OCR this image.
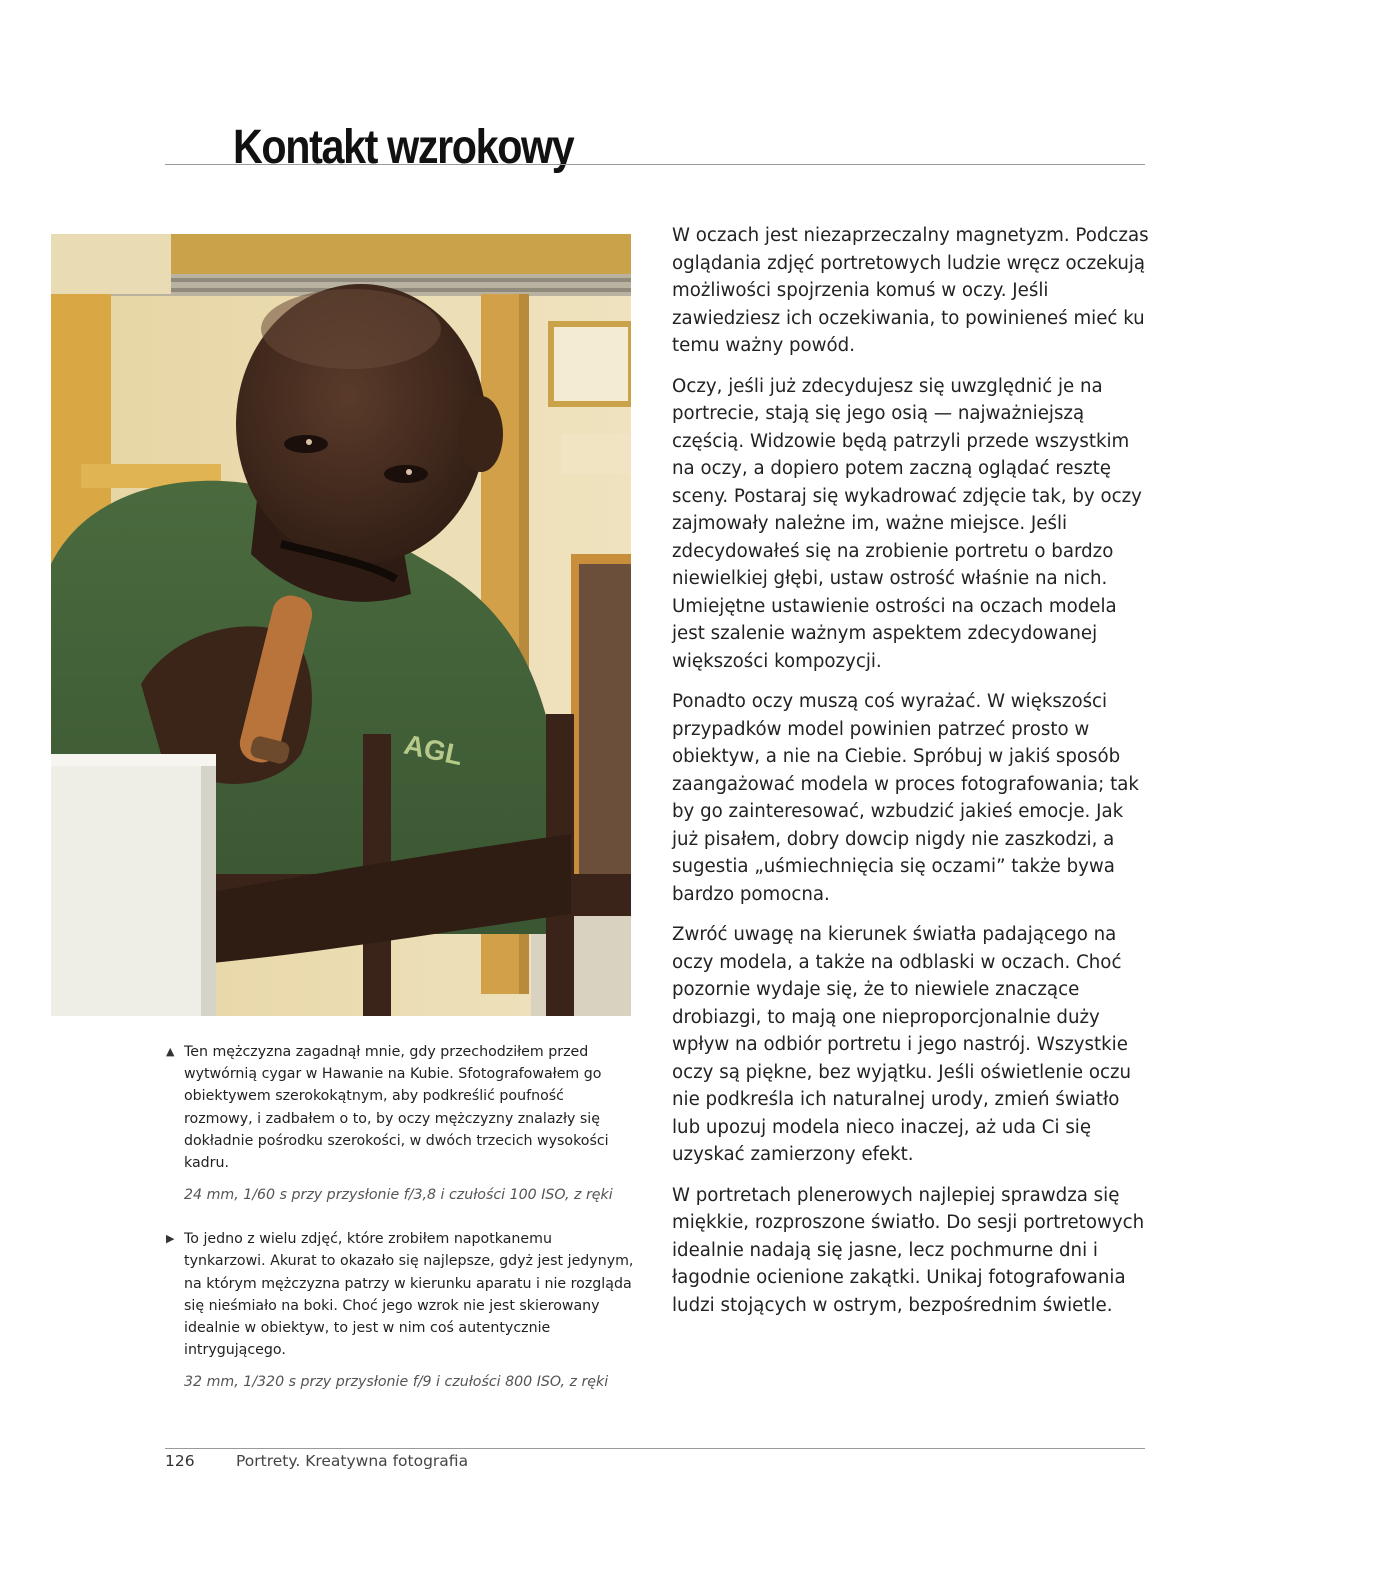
Kontakt wzrokowy
AGL

W oczach jest niezaprzeczalny magnetyzm. Podczas oglądania zdjęć portretowych ludzie wręcz oczekują możliwości spojrzenia komuś w oczy. Jeśli zawiedziesz ich oczekiwania, to powinieneś mieć ku temu ważny powód.

Oczy, jeśli już zdecydujesz się uwzględnić je na portrecie, stają się jego osią — najważniejszą częścią. Widzowie będą patrzyli przede wszystkim na oczy, a dopiero potem zaczną oglądać resztę sceny. Postaraj się wykadrować zdjęcie tak, by oczy zajmowały należne im, ważne miejsce. Jeśli zdecydowałeś się na zrobienie portretu o bardzo niewielkiej głębi, ustaw ostrość właśnie na nich. Umiejętne ustawienie ostrości na oczach modela jest szalenie ważnym aspektem zdecydowanej większości kompozycji.

Ponadto oczy muszą coś wyrażać. W większości przypadków model powinien patrzeć prosto w obiektyw, a nie na Ciebie. Spróbuj w jakiś sposób zaangażować modela w proces fotografowania; tak by go zainteresować, wzbudzić jakieś emocje. Jak już pisałem, dobry dowcip nigdy nie zaszkodzi, a sugestia „uśmiechnięcia się oczami” także bywa bardzo pomocna.

Zwróć uwagę na kierunek światła padającego na oczy modela, a także na odblaski w oczach. Choć pozornie wydaje się, że to niewiele znaczące drobiazgi, to mają one nieproporcjonalnie duży wpływ na odbiór portretu i jego nastrój. Wszystkie oczy są piękne, bez wyjątku. Jeśli oświetlenie oczu nie podkreśla ich naturalnej urody, zmień światło lub upozuj modela nieco inaczej, aż uda Ci się uzyskać zamierzony efekt.

W portretach plenerowych najlepiej sprawdza się miękkie, rozproszone światło. Do sesji portretowych idealnie nadają się jasne, lecz pochmurne dni i łagodnie ocienione zakątki. Unikaj fotografowania ludzi stojących w ostrym, bezpośrednim świetle.

▲ Ten mężczyzna zagadnął mnie, gdy przechodziłem przed wytwórnią cygar w Hawanie na Kubie. Sfotografowałem go obiektywem szerokokątnym, aby podkreślić poufność rozmowy, i zadbałem o to, by oczy mężczyzny znalazły się dokładnie pośrodku szerokości, w dwóch trzecich wysokości kadru.
24 mm, 1/60 s przy przysłonie f/3,8 i czułości 100 ISO, z ręki
▶ To jedno z wielu zdjęć, które zrobiłem napotkanemu tynkarzowi. Akurat to okazało się najlepsze, gdyż jest jedynym, na którym mężczyzna patrzy w kierunku aparatu i nie rozgląda się nieśmiało na boki. Choć jego wzrok nie jest skierowany idealnie w obiektyw, to jest w nim coś autentycznie intrygującego.
32 mm, 1/320 s przy przysłonie f/9 i czułości 800 ISO, z ręki
126	Portrety. Kreatywna fotografia
